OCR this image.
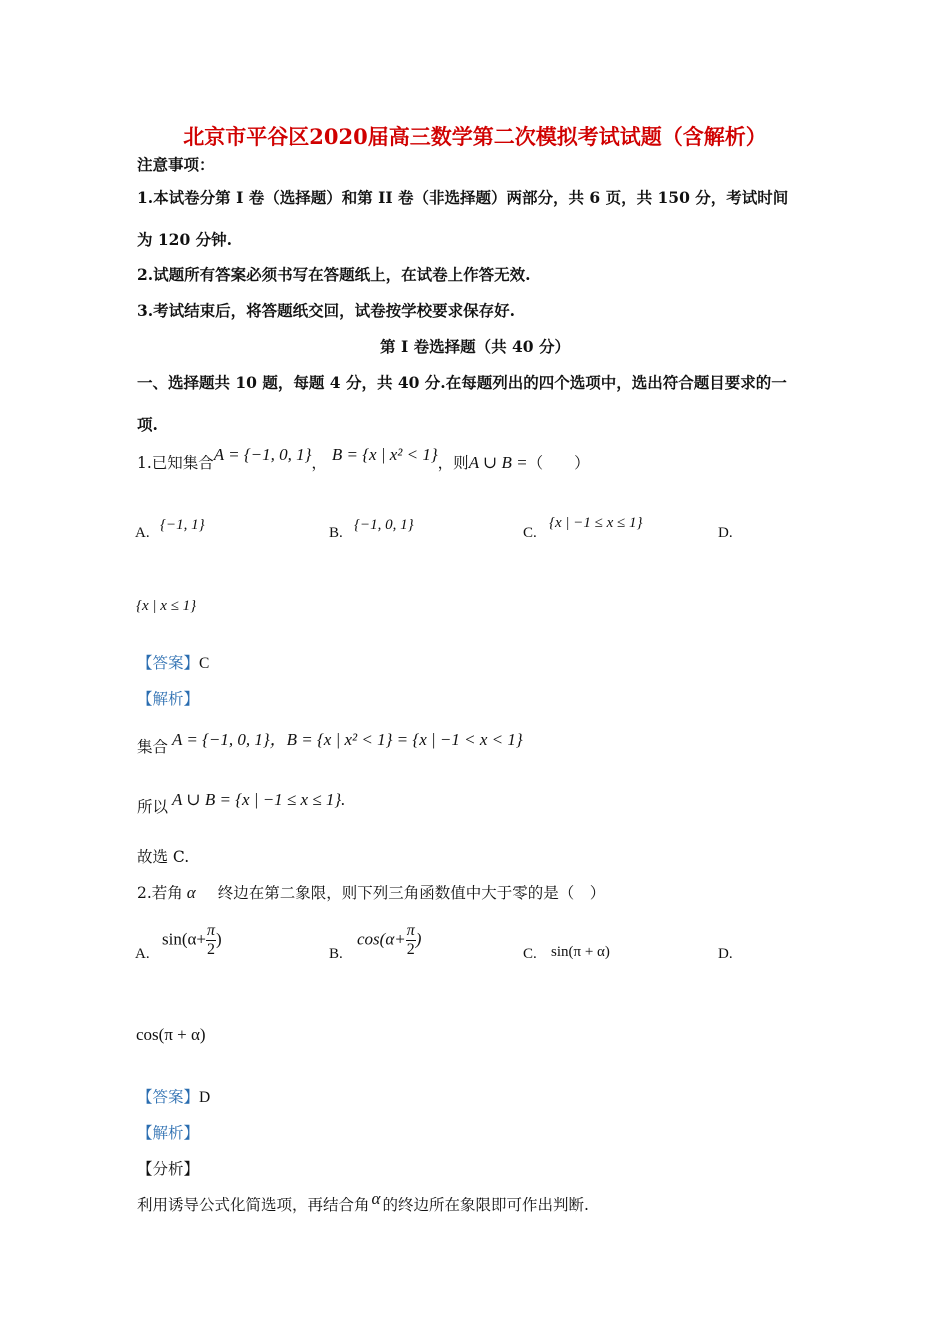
北京市平谷区2020届高三数学第二次模拟考试试题（含解析）
注意事项：
1.本试卷分第 I 卷（选择题）和第 II 卷（非选择题）两部分，共 6 页，共 150 分，考试时间
为 120 分钟.
2.试题所有答案必须书写在答题纸上，在试卷上作答无效.
3.考试结束后，将答题纸交回，试卷按学校要求保存好.
第 I 卷选择题（共 40 分）
一、选择题共 10 题，每题 4 分，共 40 分.在每题列出的四个选项中，选出符合题目要求的一
项.
1.已知集合A = {−1, 0, 1}， B = {x | x² < 1}，则A ∪ B =（　　）
A. {−1, 1}	B. {−1, 0, 1}	C.
{x | −1 ≤ x ≤ 1}
D.
{x | x ≤ 1}
【答案】C
【解析】
集合 A = {−1, 0, 1}，B = {x | x² < 1} = {x | −1 < x < 1}
所以 A ∪ B = {x | −1 ≤ x ≤ 1}.
故选 C.
2.若角 α 终边在第二象限，则下列三角函数值中大于零的是（　）
A.
$\sin(\alpha+ \frac{\pi}{2}$ )
B.
$\cos(\alpha+ \frac{\pi}{2}$ )
C. sin(π + α)	D.
cos(π + α)
【答案】D
【解析】
【分析】
利用诱导公式化简选项，再结合角 α 的终边所在象限即可作出判断.
